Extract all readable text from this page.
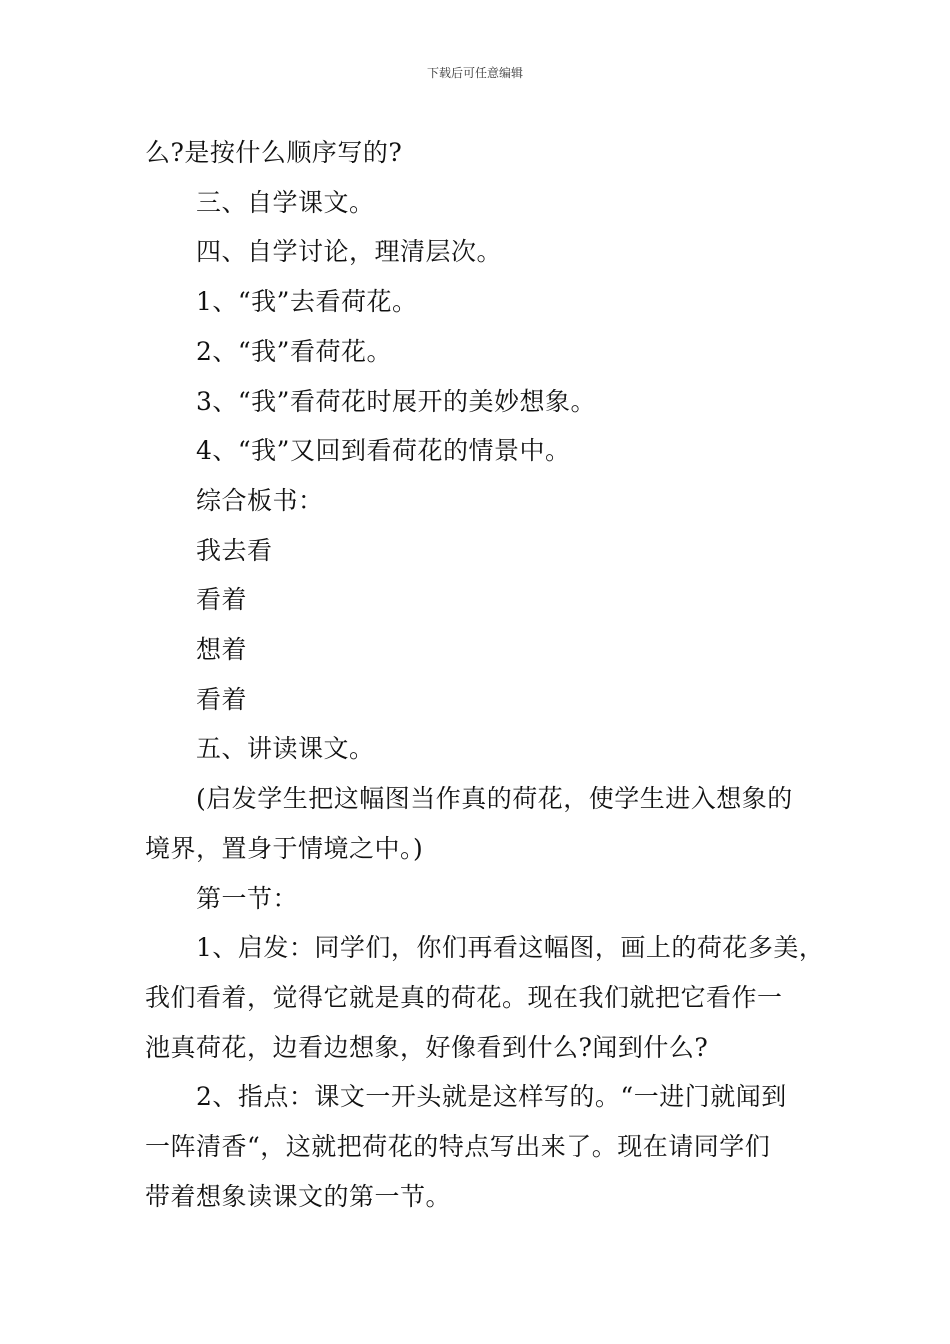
下载后可任意编辑
么?是按什么顺序写的?
三、自学课文。
四、自学讨论，理清层次。
1、“我”去看荷花。
2、“我”看荷花。
3、“我”看荷花时展开的美妙想象。
4、“我”又回到看荷花的情景中。
综合板书：
我去看
看着
想着
看着
五、讲读课文。
(启发学生把这幅图当作真的荷花，使学生进入想象的
境界，置身于情境之中。)
第一节：
1、启发：同学们，你们再看这幅图，画上的荷花多美，
我们看着，觉得它就是真的荷花。现在我们就把它看作一
池真荷花，边看边想象，好像看到什么?闻到什么?
2、指点：课文一开头就是这样写的。“一进门就闻到
一阵清香“，这就把荷花的特点写出来了。现在请同学们
带着想象读课文的第一节。
